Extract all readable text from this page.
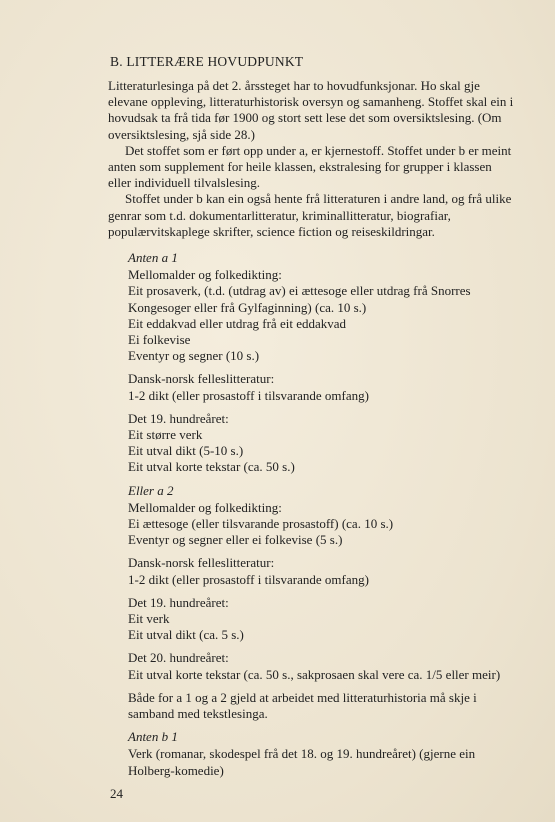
B. LITTERÆRE HOVUDPUNKT

Litteraturlesinga på det 2. årssteget har to hovudfunksjonar. Ho skal gje elevane oppleving, litteraturhistorisk oversyn og samanheng. Stoffet skal ein i hovudsak ta frå tida før 1900 og stort sett lese det som oversiktslesing. (Om oversiktslesing, sjå side 28.)

Det stoffet som er ført opp under a, er kjernestoff. Stoffet under b er meint anten som supplement for heile klassen, ekstralesing for grupper i klassen eller individuell tilvalslesing.

Stoffet under b kan ein også hente frå litteraturen i andre land, og frå ulike genrar som t.d. dokumentarlitteratur, kriminallitteratur, biografiar, populærvitskaplege skrifter, science fiction og reiseskildringar.

Anten a 1
Mellomalder og folkedikting:
Eit prosaverk, (t.d. (utdrag av) ei ættesoge eller utdrag frå Snorres Kongesoger eller frå Gylfaginning) (ca. 10 s.)
Eit eddakvad eller utdrag frå eit eddakvad
Ei folkevise
Eventyr og segner (10 s.)
Dansk-norsk fellеslitteratur:
1-2 dikt (eller prosastoff i tilsvarande omfang)
Det 19. hundreåret:
Eit større verk
Eit utval dikt (5-10 s.)
Eit utval korte tekstar (ca. 50 s.)
Eller a 2
Mellomalder og folkedikting:
Ei ættesoge (eller tilsvarande prosastoff) (ca. 10 s.)
Eventyr og segner eller ei folkevise (5 s.)
Dansk-norsk fellеslitteratur:
1-2 dikt (eller prosastoff i tilsvarande omfang)
Det 19. hundreåret:
Eit verk
Eit utval dikt (ca. 5 s.)
Det 20. hundreåret:
Eit utval korte tekstar (ca. 50 s., sakprosaen skal vere ca. 1/5 eller meir)
Både for a 1 og a 2 gjeld at arbeidet med litteraturhistoria må skje i samband med tekstlesinga.
Anten b 1
Verk (romanar, skodespel frå det 18. og 19. hundreåret) (gjerne ein Holberg-komedie)
24
